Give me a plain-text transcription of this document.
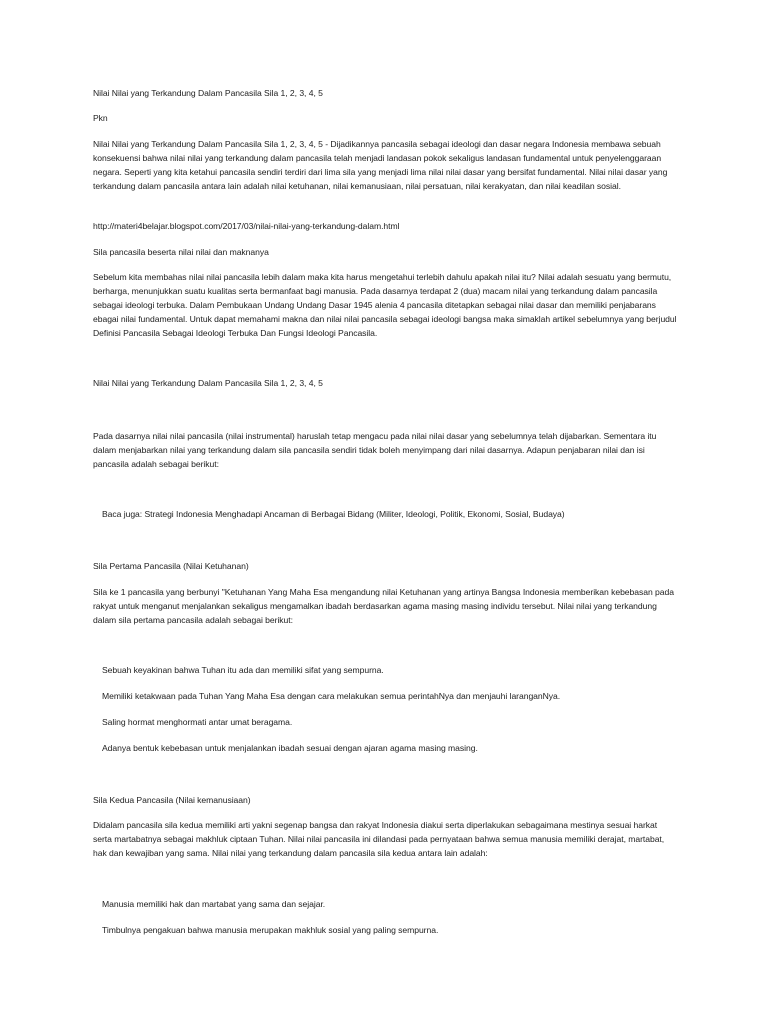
Nilai Nilai yang Terkandung Dalam Pancasila Sila 1, 2, 3, 4, 5

Pkn

Nilai Nilai yang Terkandung Dalam Pancasila Sila 1, 2, 3, 4, 5 - Dijadikannya pancasila sebagai ideologi dan dasar negara Indonesia membawa sebuah konsekuensi bahwa nilai nilai yang terkandung dalam pancasila telah menjadi landasan pokok sekaligus landasan fundamental untuk penyelenggaraan negara. Seperti yang kita ketahui pancasila sendiri terdiri dari lima sila yang menjadi lima nilai nilai dasar yang bersifat fundamental. Nilai nilai dasar yang terkandung dalam pancasila antara lain adalah nilai ketuhanan, nilai kemanusiaan, nilai persatuan, nilai kerakyatan, dan nilai keadilan sosial.

http://materi4belajar.blogspot.com/2017/03/nilai-nilai-yang-terkandung-dalam.html

Sila pancasila beserta nilai nilai dan maknanya

Sebelum kita membahas nilai nilai pancasila lebih dalam maka kita harus mengetahui terlebih dahulu apakah nilai itu? Nilai adalah sesuatu yang bermutu, berharga, menunjukkan suatu kualitas serta bermanfaat bagi manusia. Pada dasarnya terdapat 2 (dua) macam nilai yang terkandung dalam pancasila sebagai ideologi terbuka. Dalam Pembukaan Undang Undang Dasar 1945 alenia 4 pancasila ditetapkan sebagai nilai dasar dan memiliki penjabarans ebagai nilai fundamental. Untuk dapat memahami makna dan nilai nilai pancasila sebagai ideologi bangsa maka simaklah artikel sebelumnya yang berjudul Definisi Pancasila Sebagai Ideologi Terbuka Dan Fungsi Ideologi Pancasila.

Nilai Nilai yang Terkandung Dalam Pancasila Sila 1, 2, 3, 4, 5

Pada dasarnya nilai nilai pancasila (nilai instrumental) haruslah tetap mengacu pada nilai nilai dasar yang sebelumnya telah dijabarkan. Sementara itu dalam menjabarkan nilai yang terkandung dalam sila pancasila sendiri tidak boleh menyimpang dari nilai dasarnya. Adapun penjabaran nilai dan isi pancasila adalah sebagai berikut:

Baca juga: Strategi Indonesia Menghadapi Ancaman di Berbagai Bidang (Militer, Ideologi, Politik, Ekonomi, Sosial, Budaya)

Sila Pertama Pancasila (Nilai Ketuhanan)

Sila ke 1 pancasila yang berbunyi "Ketuhanan Yang Maha Esa mengandung nilai Ketuhanan yang artinya Bangsa Indonesia memberikan kebebasan pada rakyat untuk menganut menjalankan sekaligus mengamalkan ibadah berdasarkan agama masing masing individu tersebut. Nilai nilai yang terkandung dalam sila pertama pancasila adalah sebagai berikut:

Sebuah keyakinan bahwa Tuhan itu ada dan memiliki sifat yang sempurna.

Memiliki ketakwaan pada Tuhan Yang Maha Esa dengan cara melakukan semua perintahNya dan menjauhi laranganNya.

Saling hormat menghormati antar umat beragama.

Adanya bentuk kebebasan untuk menjalankan ibadah sesuai dengan ajaran agama masing masing.

Sila Kedua Pancasila (Nilai kemanusiaan)

Didalam pancasila sila kedua memiliki arti yakni segenap bangsa dan rakyat Indonesia diakui serta diperlakukan sebagaimana mestinya sesuai harkat serta martabatnya sebagai makhluk ciptaan Tuhan. Nilai nilai pancasila ini dilandasi pada pernyataan bahwa semua manusia memiliki derajat, martabat, hak dan kewajiban yang sama. Nilai nilai yang terkandung dalam pancasila sila kedua antara lain adalah:

Manusia memiliki hak dan martabat yang sama dan sejajar.

Timbulnya pengakuan bahwa manusia merupakan makhluk sosial yang paling sempurna.
